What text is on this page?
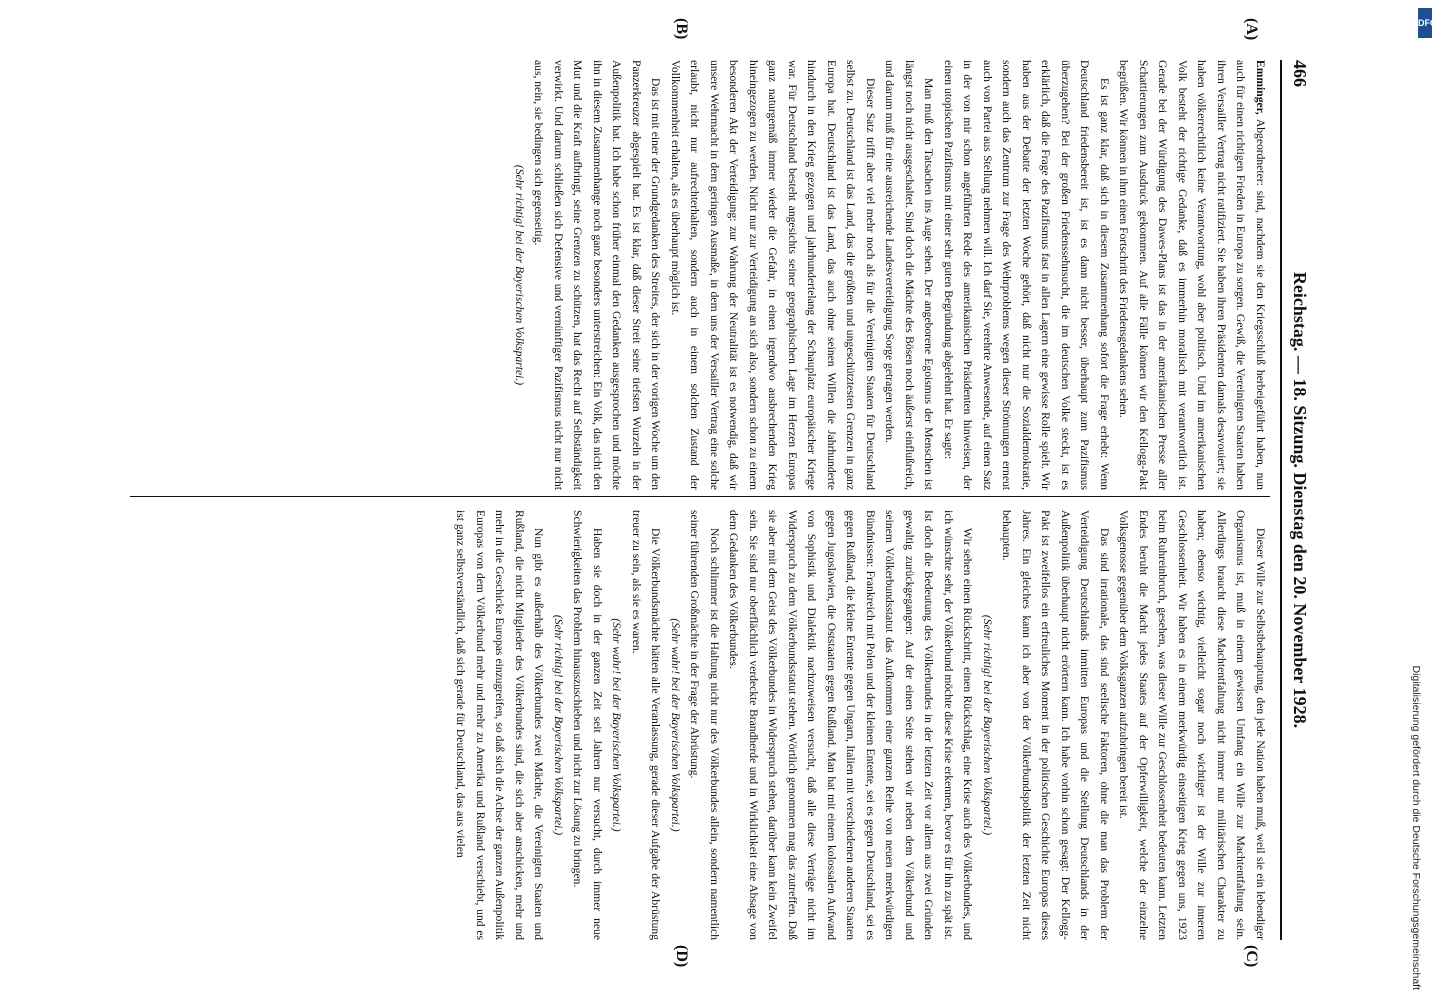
466
Reichstag. — 18. Sitzung. Dienstag den 20. November 1928.
(A)
(B)
(C)
(D)

Emminger, Abgeordneter: sind, nachdem sie den Kriegsschluß herbeigeführt haben, nun auch für einen richtigen Frieden in Europa zu sorgen. Gewiß, die Vereinigten Staaten haben ihren Versailler Vertrag nicht ratifiziert. Sie haben ihren Präsidenten damals desavouiert; sie haben völkerrechtlich keine Verantwortung, wohl aber politisch. Und im amerikanischen Volk besteht der richtige Gedanke, daß es immerhin moralisch mit verantwortlich ist. Gerade bei der Würdigung des Dawes-Plans ist das in der amerikanischen Presse aller Schattierungen zum Ausdruck gekommen. Auf alle Fälle können wir den Kellogg-Pakt begrüßen. Wir können in ihm einen Fortschritt des Friedensgedankens sehen.

Es ist ganz klar, daß sich in diesem Zusammenhang sofort die Frage erhebt: Wenn Deutschland friedensbereit ist, ist es dann nicht besser, überhaupt zum Pazifismus überzugehen? Bei der großen Friedenssehnsucht, die im deutschen Volke steckt, ist es erklärlich, daß die Frage des Pazifismus fast in allen Lagern eine gewisse Rolle spielt. Wir haben aus der Debatte der letzten Woche gehört, daß nicht nur die Sozialdemokratie, sondern auch das Zentrum zur Frage des Wehrproblems wegen dieser Strömungen erneut auch von Partei aus Stellung nehmen will. Ich darf Sie, verehrte Anwesende, auf einen Satz in der von mir schon angeführten Rede des amerikanischen Präsidenten hinweisen, der einen utopischen Pazifismus mit einer sehr guten Begründung abgelehnt hat. Er sagte:

Man muß den Tatsachen ins Auge sehen. Der angeborene Egoismus der Menschen ist längst noch nicht ausgeschaltet. Sind doch die Mächte des Bösen noch äußerst einflußreich, und darum muß für eine ausreichende Landesverteidigung Sorge getragen werden.

Dieser Satz trifft aber viel mehr noch als für die Vereinigten Staaten für Deutschland selbst zu. Deutschland ist das Land, das die größten und ungeschütztesten Grenzen in ganz Europa hat. Deutschland ist das Land, das auch ohne seinen Willen die Jahrhunderte hindurch in den Krieg gezogen und jahrhundertelang der Schauplatz europäischer Kriege war. Für Deutschland besteht angesichts seiner geographischen Lage im Herzen Europas ganz naturgemäß immer wieder die Gefahr, in einen irgendwo ausbrechenden Krieg hineingezogen zu werden. Nicht nur zur Verteidigung an sich also, sondern schon zu einem besonderen Akt der Verteidigung: zur Wahrung der Neutralität ist es notwendig, daß wir unsere Wehrmacht in dem geringen Ausmaße, in dem uns der Versailler Vertrag eine solche erlaubt, nicht nur aufrechterhalten, sondern auch in einem solchen Zustand der Vollkommenheit erhalten, als es überhaupt möglich ist.

Das ist mit einer der Grundgedanken des Streites, der sich in der vorigen Woche um den Panzerkreuzer abgespielt hat. Es ist klar, daß dieser Streit seine tiefsten Wurzeln in der Außenpolitik hat. Ich habe schon früher einmal den Gedanken ausgesprochen und möchte ihn in diesem Zusammenhange noch ganz besonders unterstreichen: Ein Volk, das nicht den Mut und die Kraft aufbringt, seine Grenzen zu schützen, hat das Recht auf Selbständigkeit verwirkt. Und darum schließen sich Defensive und vernünftiger Pazifismus nicht nur nicht aus, nein, sie bedingen sich gegenseitig.

(Sehr richtig! bei der Bayerischen Volkspartei.)

Dieser Wille zur Selbstbehauptung, den jede Nation haben muß, weil sie ein lebendiger Organismus ist, muß in einem gewissen Umfang ein Wille zur Machtentfaltung sein. Allerdings braucht diese Machtentfaltung nicht immer nur militärischen Charakter zu haben; ebenso wichtig, vielleicht sogar noch wichtiger ist der Wille zur inneren Geschlossenheit. Wir haben es in einem merkwürdig einseitigen Krieg gegen uns, 1923 beim Ruhreinbruch, gesehen, was dieser Wille zur Geschlossenheit bedeuten kann. Letzten Endes beruht die Macht jedes Staates auf der Opferwilligkeit, welche der einzelne Volksgenosse gegenüber dem Volksganzen aufzubringen bereit ist.

Das sind irrationale, das sind seelische Faktoren, ohne die man das Problem der Verteidigung Deutschlands inmitten Europas und die Stellung Deutschlands in der Außenpolitik überhaupt nicht erörtern kann. Ich habe vorhin schon gesagt: Der Kellogg-Pakt ist zweifellos ein erfreuliches Moment in der politischen Geschichte Europas dieses Jahres. Ein gleiches kann ich aber von der Völkerbundspolitik der letzten Zeit nicht behaupten.

(Sehr richtig! bei der Bayerischen Volkspartei.)

Wir sehen einen Rückschritt, einen Rückschlag, eine Krise auch des Völkerbundes, und ich wünschte sehr, der Völkerbund möchte diese Krise erkennen, bevor es für ihn zu spät ist. Ist doch die Bedeutung des Völkerbundes in der letzten Zeit vor allem aus zwei Gründen gewaltig zurückgegangen: Auf der einen Seite stehen wir neben dem Völkerbund und seinem Völkerbundsstatut das Aufkommen einer ganzen Reihe von neuen merkwürdigen Bündnissen: Frankreich mit Polen und der kleinen Entente, sei es gegen Deutschland, sei es gegen Rußland, die kleine Entente gegen Ungarn, Italien mit verschiedenen anderen Staaten gegen Jugoslawien, die Oststaaten gegen Rußland. Man hat mit einem kolossalen Aufwand von Sophistik und Dialektik nachzuweisen versucht, daß alle diese Verträge nicht im Widerspruch zu dem Völkerbundsstatut stehen. Wörtlich genommen mag das zutreffen. Daß sie aber mit dem Geist des Völkerbundes in Widerspruch stehen, darüber kann kein Zweifel sein. Sie sind nur oberflächlich verdeckte Brandherde und in Wirklichkeit eine Absage von dem Gedanken des Völkerbundes.

Noch schlimmer ist die Haltung nicht nur des Völkerbundes allein, sondern namentlich seiner führenden Großmächte in der Frage der Abrüstung.

(Sehr wahr! bei der Bayerischen Volkspartei.)

Die Völkerbundsmächte hätten alle Veranlassung, gerade dieser Aufgabe der Abrüstung treuer zu sein, als sie es waren.

(Sehr wahr! bei der Bayerischen Volkspartei.)

Haben sie doch in der ganzen Zeit seit Jahren nur versucht, durch immer neue Schwierigkeiten das Problem hinauszuschieben und nicht zur Lösung zu bringen.

(Sehr richtig! bei der Bayerischen Volkspartei.)

Nun gibt es außerhalb des Völkerbundes zwei Mächte, die Vereinigten Staaten und Rußland, die nicht Mitglieder des Völkerbundes sind, die sich aber anschicken, mehr und mehr in die Geschicke Europas einzugreifen, so daß sich die Achse der ganzen Außenpolitik Europas von dem Völkerbund mehr und mehr zu Amerika und Rußland verschiebt, und es ist ganz selbstverständlich, daß sich gerade für Deutschland, das aus vielen	Digitalisierung gefördert durch die Deutsche Forschungsgemeinschaft
DFG
